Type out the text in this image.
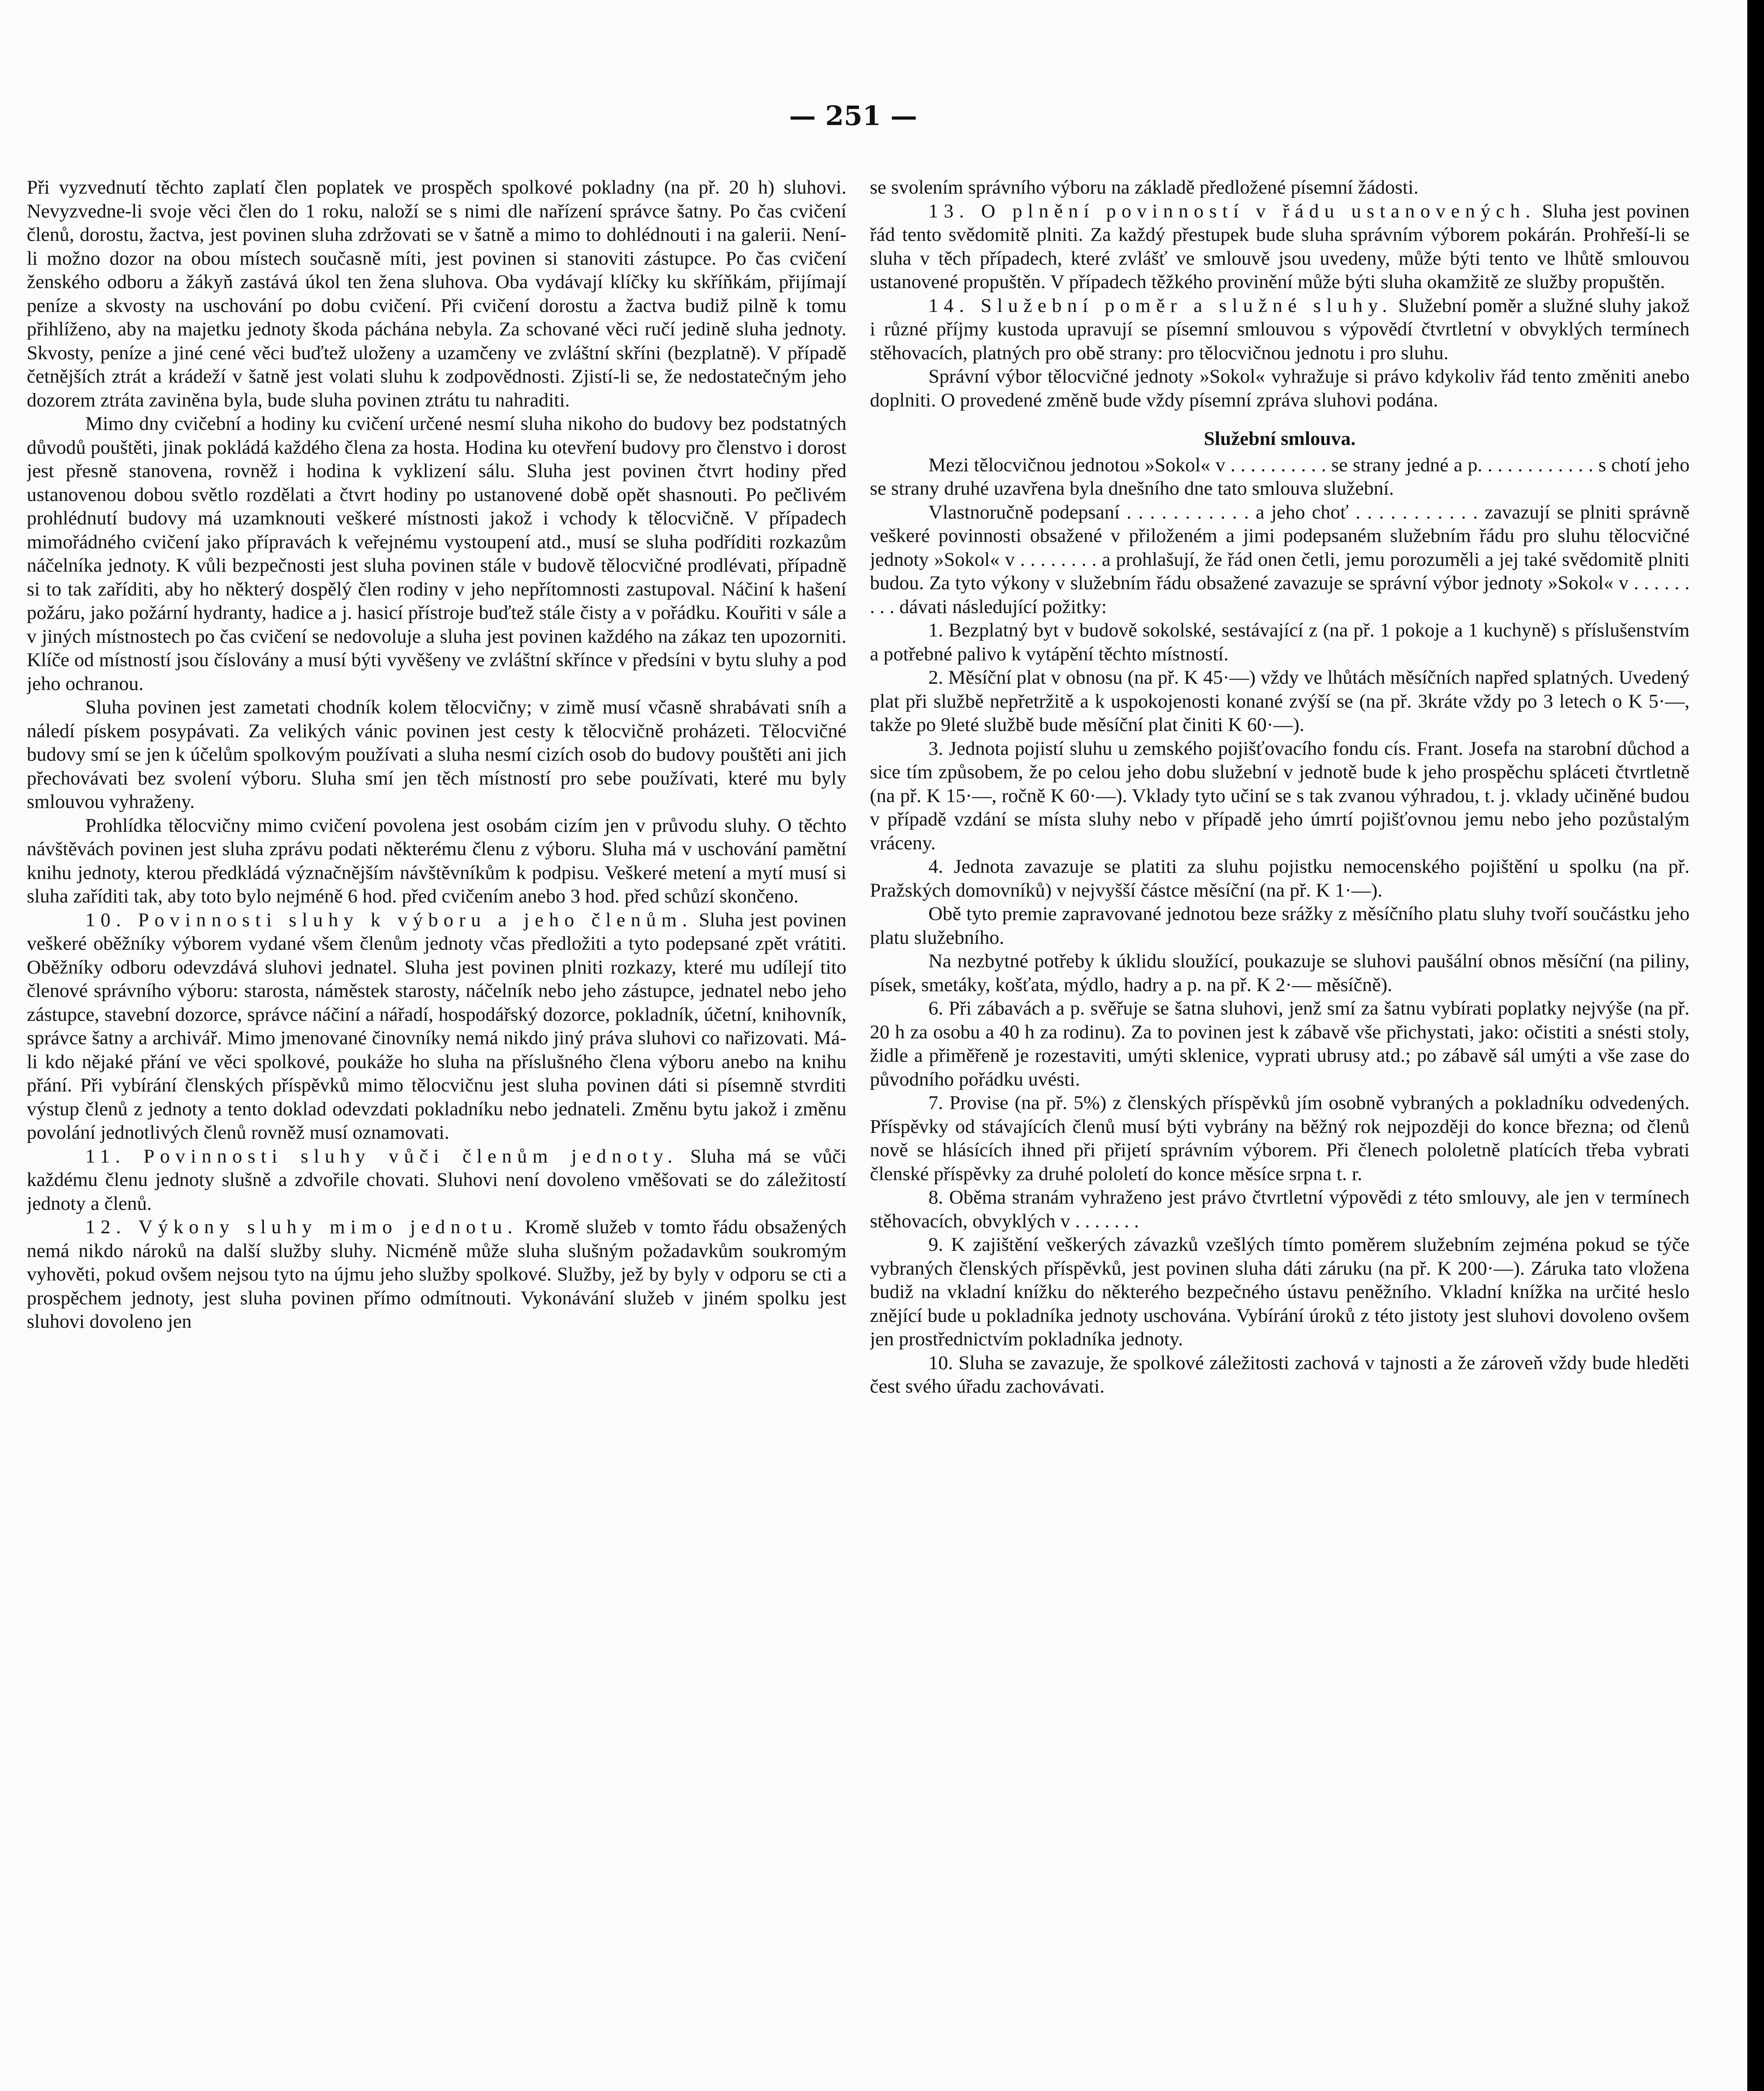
— 251 —

Při vyzvednutí těchto zaplatí člen poplatek ve prospěch spolkové pokladny (na př. 20 h) sluhovi. Nevyzvedne-li svoje věci člen do 1 roku, naloží se s nimi dle nařízení správce šatny. Po čas cvičení členů, dorostu, žactva, jest povinen sluha zdržovati se v šatně a mimo to dohlédnouti i na galerii. Není-li možno dozor na obou místech současně míti, jest povinen si stanoviti zástupce. Po čas cvičení ženského odboru a žákyň zastává úkol ten žena sluhova. Oba vydávají klíčky ku skříňkám, přijímají peníze a skvosty na uschování po dobu cvičení. Při cvičení dorostu a žactva budiž pilně k tomu přihlíženo, aby na majetku jednoty škoda páchána nebyla. Za schované věci ručí jedině sluha jednoty. Skvosty, peníze a jiné cené věci buďtež uloženy a uzamčeny ve zvláštní skříni (bezplatně). V případě četnějších ztrát a krádeží v šatně jest volati sluhu k zodpovědnosti. Zjistí-li se, že nedostatečným jeho dozorem ztráta zaviněna byla, bude sluha povinen ztrátu tu nahraditi.

Mimo dny cvičební a hodiny ku cvičení určené nesmí sluha nikoho do budovy bez podstatných důvodů pouštěti, jinak pokládá každého člena za hosta. Hodina ku otevření budovy pro členstvo i dorost jest přesně stanovena, rovněž i hodina k vyklizení sálu. Sluha jest povinen čtvrt hodiny před ustanovenou dobou světlo rozdělati a čtvrt hodiny po ustanovené době opět shasnouti. Po pečlivém prohlédnutí budovy má uzamknouti veškeré místnosti jakož i vchody k tělocvičně. V případech mimořádného cvičení jako přípravách k veřejnému vystoupení atd., musí se sluha podříditi rozkazům náčelníka jednoty. K vůli bezpečnosti jest sluha povinen stále v budově tělocvičné prodlévati, případně si to tak zaříditi, aby ho některý dospělý člen rodiny v jeho nepřítomnosti zastupoval. Náčiní k hašení požáru, jako požární hydranty, hadice a j. hasicí přístroje buďtež stále čisty a v pořádku. Kouřiti v sále a v jiných místnostech po čas cvičení se nedovoluje a sluha jest povinen každého na zákaz ten upozorniti. Klíče od místností jsou číslovány a musí býti vyvěšeny ve zvláštní skřínce v předsíni v bytu sluhy a pod jeho ochranou.

Sluha povinen jest zametati chodník kolem tělocvičny; v zimě musí včasně shrabávati sníh a náledí pískem posypávati. Za velikých vánic povinen jest cesty k tělocvičně proházeti. Tělocvičné budovy smí se jen k účelům spolkovým používati a sluha nesmí cizích osob do budovy pouštěti ani jich přechovávati bez svolení výboru. Sluha smí jen těch místností pro sebe používati, které mu byly smlouvou vyhraženy.

Prohlídka tělocvičny mimo cvičení povolena jest osobám cizím jen v průvodu sluhy. O těchto návštěvách povinen jest sluha zprávu podati některému členu z výboru. Sluha má v uschování pamětní knihu jednoty, kterou předkládá význačnějším návštěvníkům k podpisu. Veškeré metení a mytí musí si sluha zaříditi tak, aby toto bylo nejméně 6 hod. před cvičením anebo 3 hod. před schůzí skončeno.

10. Povinnosti sluhy k výboru a jeho členům. Sluha jest povinen veškeré oběžníky výborem vydané všem členům jednoty včas předložiti a tyto podepsané zpět vrátiti. Oběžníky odboru odevzdává sluhovi jednatel. Sluha jest povinen plniti rozkazy, které mu udílejí tito členové správního výboru: starosta, náměstek starosty, náčelník nebo jeho zástupce, jednatel nebo jeho zástupce, stavební dozorce, správce náčiní a nářadí, hospodářský dozorce, pokladník, účetní, knihovník, správce šatny a archivář. Mimo jmenované činovníky nemá nikdo jiný práva sluhovi co nařizovati. Má-li kdo nějaké přání ve věci spolkové, poukáže ho sluha na příslušného člena výboru anebo na knihu přání. Při vybírání členských příspěvků mimo tělocvičnu jest sluha povinen dáti si písemně stvrditi výstup členů z jednoty a tento doklad odevzdati pokladníku nebo jednateli. Změnu bytu jakož i změnu povolání jednotlivých členů rovněž musí oznamovati.

11. Povinnosti sluhy vůči členům jednoty. Sluha má se vůči každému členu jednoty slušně a zdvořile chovati. Sluhovi není dovoleno vměšovati se do záležitostí jednoty a členů.

12. Výkony sluhy mimo jednotu. Kromě služeb v tomto řádu obsažených nemá nikdo nároků na další služby sluhy. Nicméně může sluha slušným požadavkům soukromým vyhověti, pokud ovšem nejsou tyto na újmu jeho služby spolkové. Služby, jež by byly v odporu se cti a prospěchem jednoty, jest sluha povinen přímo odmítnouti. Vykonávání služeb v jiném spolku jest sluhovi dovoleno jen

se svolením správního výboru na základě předložené písemní žádosti.

13. O plnění povinností v řádu ustanovených. Sluha jest povinen řád tento svědomitě plniti. Za každý přestupek bude sluha správním výborem pokárán. Prohřeší-li se sluha v těch případech, které zvlášť ve smlouvě jsou uvedeny, může býti tento ve lhůtě smlouvou ustanovené propuštěn. V případech těžkého provinění může býti sluha okamžitě ze služby propuštěn.

14. Služební poměr a služné sluhy. Služební poměr a služné sluhy jakož i různé příjmy kustoda upravují se písemní smlouvou s výpovědí čtvrtletní v obvyklých termínech stěhovacích, platných pro obě strany: pro tělocvičnou jednotu i pro sluhu.

Správní výbor tělocvičné jednoty »Sokol« vyhražuje si právo kdykoliv řád tento změniti anebo doplniti. O provedené změně bude vždy písemní zpráva sluhovi podána.

Služební smlouva.

Mezi tělocvičnou jednotou »Sokol« v . . . . . . . . . . se strany jedné a p. . . . . . . . . . . . s chotí jeho se strany druhé uzavřena byla dnešního dne tato smlouva služební.

Vlastnoručně podepsaní . . . . . . . . . . . a jeho choť . . . . . . . . . . . zavazují se plniti správně veškeré povinnosti obsažené v přiloženém a jimi podepsaném služebním řádu pro sluhu tělocvičné jednoty »Sokol« v . . . . . . . . a prohlašují, že řád onen četli, jemu porozuměli a jej také svědomitě plniti budou. Za tyto výkony v služebním řádu obsažené zavazuje se správní výbor jednoty »Sokol« v . . . . . . . . . dávati následující požitky:

1. Bezplatný byt v budově sokolské, sestávající z (na př. 1 pokoje a 1 kuchyně) s příslušenstvím a potřebné palivo k vytápění těchto místností.

2. Měsíční plat v obnosu (na př. K 45·—) vždy ve lhůtách měsíčních napřed splatných. Uvedený plat při službě nepřetržitě a k uspokojenosti konané zvýší se (na př. 3kráte vždy po 3 letech o K 5·—, takže po 9leté službě bude měsíční plat činiti K 60·—).

3. Jednota pojistí sluhu u zemského pojišťovacího fondu cís. Frant. Josefa na starobní důchod a sice tím způsobem, že po celou jeho dobu služební v jednotě bude k jeho prospěchu spláceti čtvrtletně (na př. K 15·—, ročně K 60·—). Vklady tyto učiní se s tak zvanou výhradou, t. j. vklady učiněné budou v případě vzdání se místa sluhy nebo v případě jeho úmrtí pojišťovnou jemu nebo jeho pozůstalým vráceny.

4. Jednota zavazuje se platiti za sluhu pojistku nemocenského pojištění u spolku (na př. Pražských domovníků) v nejvyšší částce měsíční (na př. K 1·—).

Obě tyto premie zapravované jednotou beze srážky z měsíčního platu sluhy tvoří součástku jeho platu služebního.

Na nezbytné potřeby k úklidu sloužící, poukazuje se sluhovi paušální obnos měsíční (na piliny, písek, smetáky, košťata, mýdlo, hadry a p. na př. K 2·— měsíčně).

6. Při zábavách a p. svěřuje se šatna sluhovi, jenž smí za šatnu vybírati poplatky nejvýše (na př. 20 h za osobu a 40 h za rodinu). Za to povinen jest k zábavě vše přichystati, jako: očistiti a snésti stoly, židle a přiměřeně je rozestaviti, umýti sklenice, vyprati ubrusy atd.; po zábavě sál umýti a vše zase do původního pořádku uvésti.

7. Provise (na př. 5%) z členských příspěvků jím osobně vybraných a pokladníku odvedených. Příspěvky od stávajících členů musí býti vybrány na běžný rok nejpozději do konce března; od členů nově se hlásících ihned při přijetí správním výborem. Při členech pololetně platících třeba vybrati členské příspěvky za druhé pololetí do konce měsíce srpna t. r.

8. Oběma stranám vyhraženo jest právo čtvrtletní výpovědi z této smlouvy, ale jen v termínech stěhovacích, obvyklých v . . . . . . .

9. K zajištění veškerých závazků vzešlých tímto poměrem služebním zejména pokud se týče vybraných členských příspěvků, jest povinen sluha dáti záruku (na př. K 200·—). Záruka tato vložena budiž na vkladní knížku do některého bezpečného ústavu peněžního. Vkladní knížka na určité heslo znějící bude u pokladníka jednoty uschována. Vybírání úroků z této jistoty jest sluhovi dovoleno ovšem jen prostřednictvím pokladníka jednoty.

10. Sluha se zavazuje, že spolkové záležitosti zachová v tajnosti a že zároveň vždy bude hleděti čest svého úřadu zachovávati.
